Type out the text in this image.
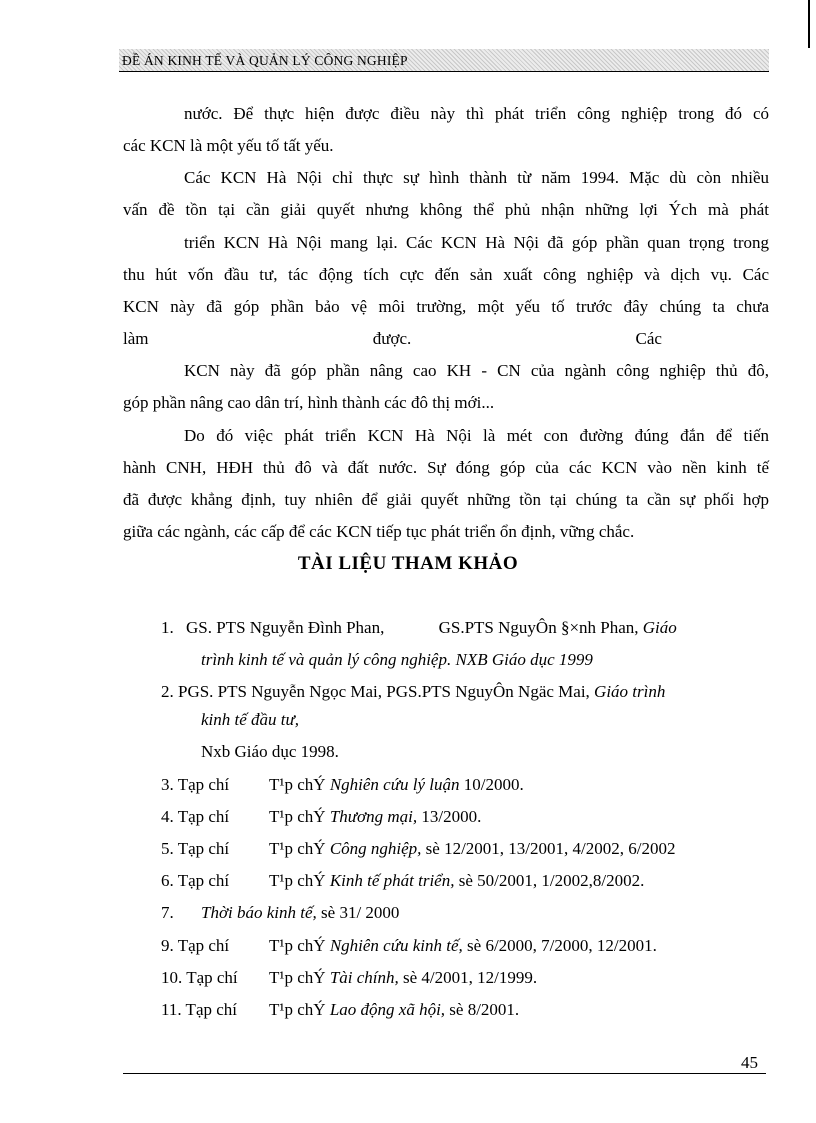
ĐỀ ÁN KINH TẾ VÀ QUẢN LÝ CÔNG NGHIỆP
nước. Để thực hiện được điều này thì phát triển công nghiệp trong đó có
các KCN là một yếu tố tất yếu.
Các KCN Hà Nội chỉ thực sự hình thành từ năm 1994. Mặc dù còn nhiều
vấn đề tồn tại cần giải quyết nhưng không thể phủ nhận những lợi Ých mà phát
triển KCN Hà Nội mang lại. Các KCN Hà Nội đã góp phần quan trọng trong
thu hút vốn đầu tư, tác động tích cực đến sản xuất công nghiệp và dịch vụ. Các
KCN này đã góp phần bảo vệ môi trường, một yếu tố trước đây chúng ta chưa
làm được. Các
KCN này đã góp phần nâng cao KH - CN của ngành công nghiệp thủ đô,
góp phần nâng cao dân trí, hình thành các đô thị mới...
Do đó việc phát triển KCN Hà Nội là mét con đường đúng đắn để tiến
hành CNH, HĐH thủ đô và đất nước. Sự đóng góp của các KCN vào nền kinh tế
đã được khẳng định, tuy nhiên để giải quyết những tồn tại chúng ta cần sự phối hợp
giữa các ngành, các cấp để các KCN tiếp tục phát triển ổn định, vững chắc.
TÀI LIỆU THAM KHẢO
1. GS. PTS Nguyễn Đình Phan,	GS.PTS NguyÔn §×nh Phan, Giáo
trình kinh tế và quản lý công nghiệp. NXB Giáo dục 1999
2. PGS. PTS Nguyễn Ngọc Mai, PGS.PTS NguyÔn Ngäc Mai, Giáo trình
kinh tế đầu tư,
Nxb Giáo dục 1998.
3. Tạp chí T¹p chÝ Nghiên cứu lý luận 10/2000.
4. Tạp chí T¹p chÝ Thương mại, 13/2000.
5. Tạp chí T¹p chÝ Công nghiệp, sè 12/2001, 13/2001, 4/2002, 6/2002
6. Tạp chí T¹p chÝ Kinh tế phát triển, sè 50/2001, 1/2002,8/2002.
7. Thời báo kinh tế, sè 31/ 2000
9. Tạp chí T¹p chÝ Nghiên cứu kinh tế, sè 6/2000, 7/2000, 12/2001.
10. Tạp chí T¹p chÝ Tài chính, sè 4/2001, 12/1999.
11. Tạp chí T¹p chÝ Lao động xã hội, sè 8/2001.
45
